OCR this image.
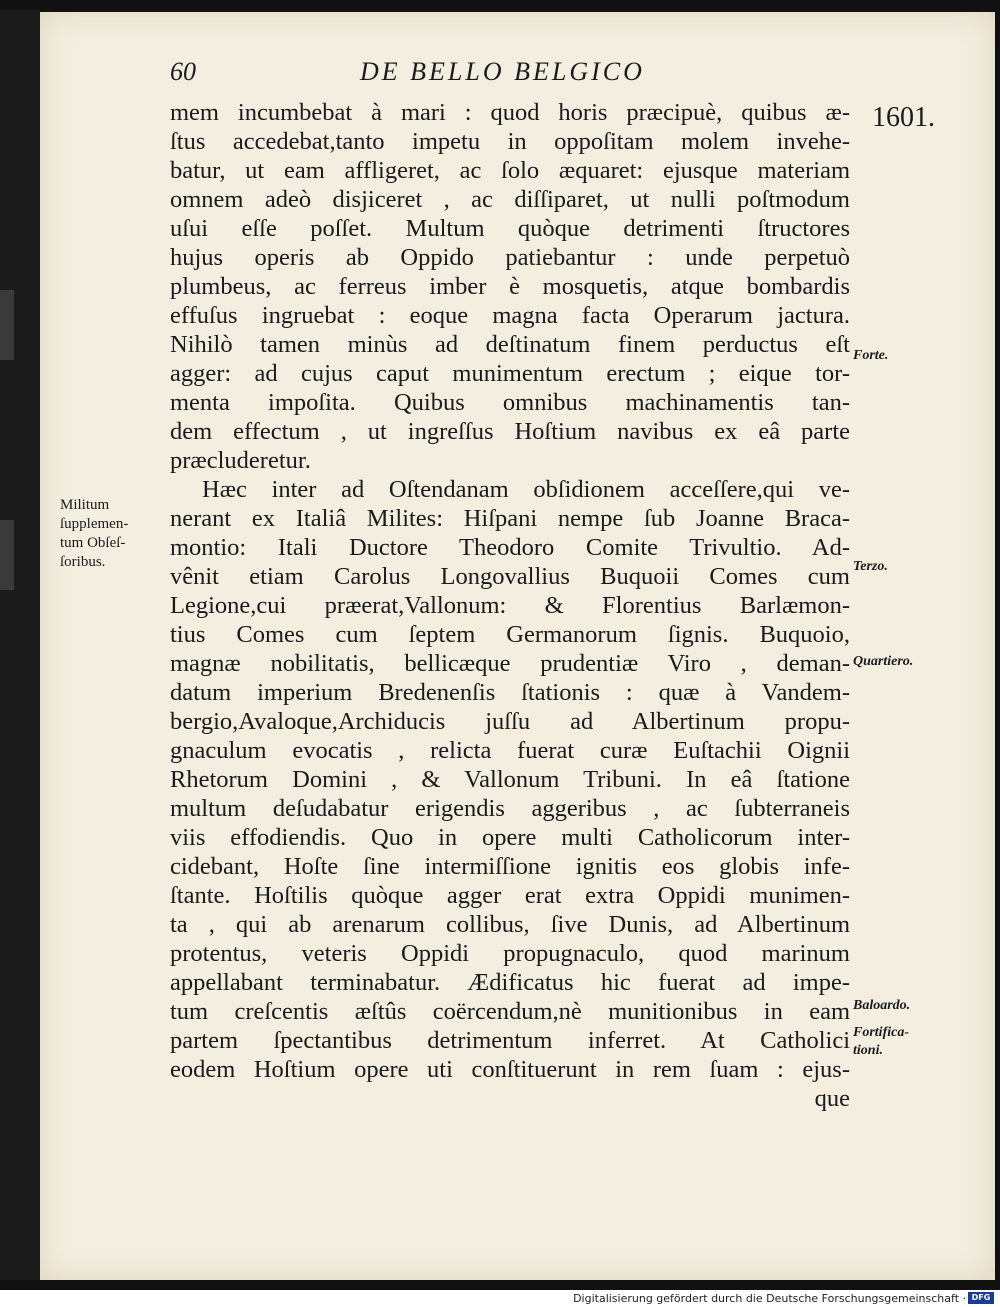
60	DE BELLO BELGICO
1601.
mem incumbebat à mari : quod horis præcipuè, quibus æ-
ſtus accedebat,tanto impetu in oppoſitam molem invehe-
batur, ut eam affligeret, ac ſolo æquaret: ejusque materiam
omnem adeò disjiceret , ac diſſiparet, ut nulli poſtmodum
uſui eſſe poſſet. Multum quòque detrimenti ſtructores
hujus operis ab Oppido patiebantur : unde perpetuò
plumbeus, ac ferreus imber è mosquetis, atque bombardis
effuſus ingruebat : eoque magna facta Operarum jactura.
Nihilò tamen minùs ad deſtinatum finem perductus eſt
agger: ad cujus caput munimentum erectum ; eique tor-
menta impoſita. Quibus omnibus machinamentis tan-
dem effectum , ut ingreſſus Hoſtium navibus ex eâ parte
præcluderetur.
Hæc inter ad Oſtendanam obſidionem acceſſere,qui ve-
nerant ex Italiâ Milites: Hiſpani nempe ſub Joanne Braca-
montio: Itali Ductore Theodoro Comite Trivultio. Ad-
vênit etiam Carolus Longovallius Buquoii Comes cum
Legione,cui præerat,Vallonum: & Florentius Barlæmon-
tius Comes cum ſeptem Germanorum ſignis. Buquoio,
magnæ nobilitatis, bellicæque prudentiæ Viro , deman-
datum imperium Bredenenſis ſtationis : quæ à Vandem-
bergio,Avaloque,Archiducis juſſu ad Albertinum propu-
gnaculum evocatis , relicta fuerat curæ Euſtachii Oignii
Rhetorum Domini , & Vallonum Tribuni. In eâ ſtatione
multum deſudabatur erigendis aggeribus , ac ſubterraneis
viis effodiendis. Quo in opere multi Catholicorum inter-
cidebant, Hoſte ſine intermiſſione ignitis eos globis infe-
ſtante. Hoſtilis quòque agger erat extra Oppidi munimen-
ta , qui ab arenarum collibus, ſive Dunis, ad Albertinum
protentus, veteris Oppidi propugnaculo, quod marinum
appellabant terminabatur. Ædificatus hic fuerat ad impe-
tum creſcentis æſtûs coërcendum,nè munitionibus in eam
partem ſpectantibus detrimentum inferret. At Catholici
eodem Hoſtium opere uti conſtituerunt in rem ſuam : ejus-
que
Militum
ſupplemen-
tum Obſeſ-
ſoribus.
Forte.
Terzo.
Quartiero.
Baloardo.
Fortifica-
tioni.
Digitalisierung gefördert durch die Deutsche Forschungsgemeinschaft · DFG
